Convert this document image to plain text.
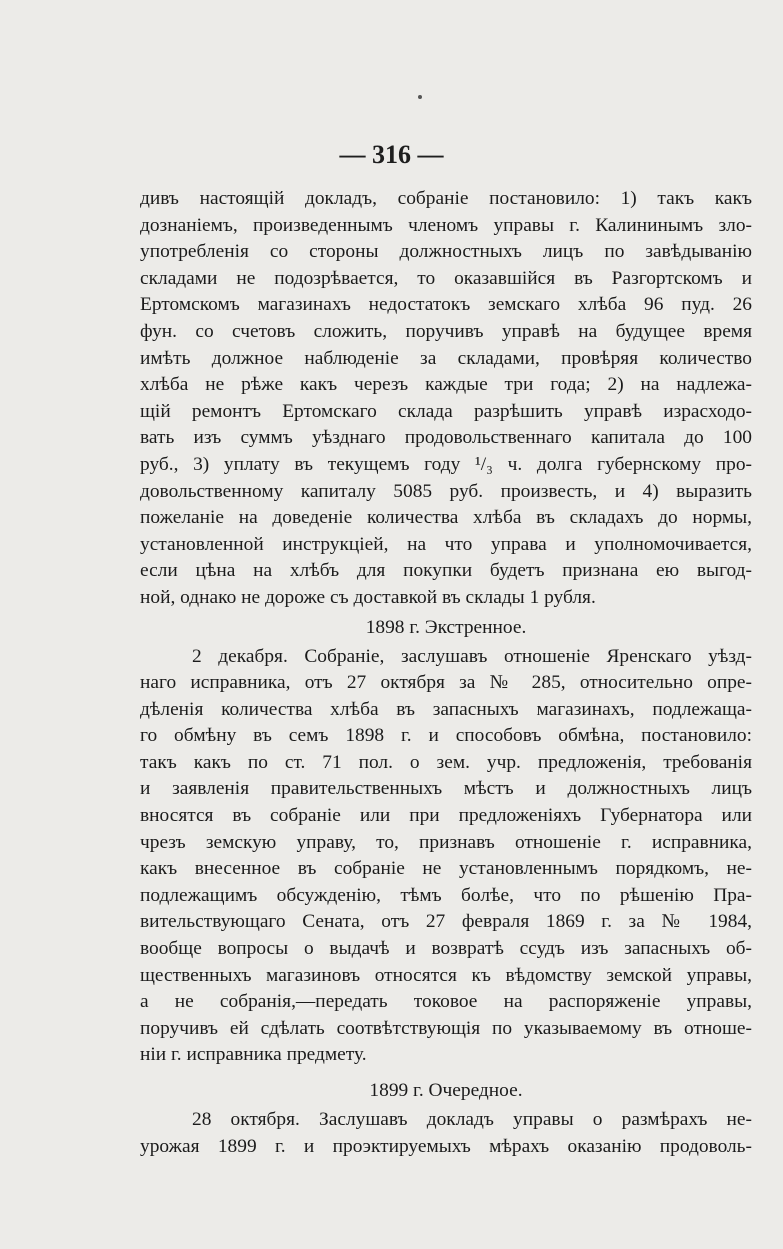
— 316 —
дивъ настоящій докладъ, собраніе постановило: 1) такъ какъ
дознаніемъ, произведеннымъ членомъ управы г. Калининымъ зло-
употребленія со стороны должностныхъ лицъ по завѣдыванію
складами не подозрѣвается, то оказавшійся въ Разгортскомъ и
Ертомскомъ магазинахъ недостатокъ земскаго хлѣба 96 пуд. 26
фун. со счетовъ сложить, поручивъ управѣ на будущее время
имѣть должное наблюденіе за складами, провѣряя количество
хлѣба не рѣже какъ черезъ каждые три года; 2) на надлежа-
щій ремонтъ Ертомскаго склада разрѣшить управѣ израсходо-
вать изъ суммъ уѣзднаго продовольственнаго капитала до 100
руб., 3) уплату въ текущемъ году ¹/₃ ч. долга губернскому про-
довольственному капиталу 5085 руб. произвесть, и 4) выразить
пожеланіе на доведеніе количества хлѣба въ складахъ до нормы,
установленной инструкціей, на что управа и уполномочивается,
если цѣна на хлѣбъ для покупки будетъ признана ею выгод-
ной, однако не дороже съ доставкой въ склады 1 рубля.
1898 г. Экстренное.
2 декабря. Собраніе, заслушавъ отношеніе Яренскаго уѣзд-
наго исправника, отъ 27 октября за № 285, относительно опре-
дѣленія количества хлѣба въ запасныхъ магазинахъ, подлежаща-
го обмѣну въ семъ 1898 г. и способовъ обмѣна, постановило:
такъ какъ по ст. 71 пол. о зем. учр. предложенія, требованія
и заявленія правительственныхъ мѣстъ и должностныхъ лицъ
вносятся въ собраніе или при предложеніяхъ Губернатора или
чрезъ земскую управу, то, признавъ отношеніе г. исправника,
какъ внесенное въ собраніе не установленнымъ порядкомъ, не-
подлежащимъ обсужденію, тѣмъ болѣе, что по рѣшенію Пра-
вительствующаго Сената, отъ 27 февраля 1869 г. за № 1984,
вообще вопросы о выдачѣ и возвратѣ ссудъ изъ запасныхъ об-
щественныхъ магазиновъ относятся къ вѣдомству земской управы,
а не собранія,—передать токовое на распоряженіе управы,
поручивъ ей сдѣлать соотвѣтствующія по указываемому въ отноше-
ніи г. исправника предмету.
1899 г. Очередное.
28 октября. Заслушавъ докладъ управы о размѣрахъ не-
урожая 1899 г. и проэктируемыхъ мѣрахъ оказанію продоволь-
